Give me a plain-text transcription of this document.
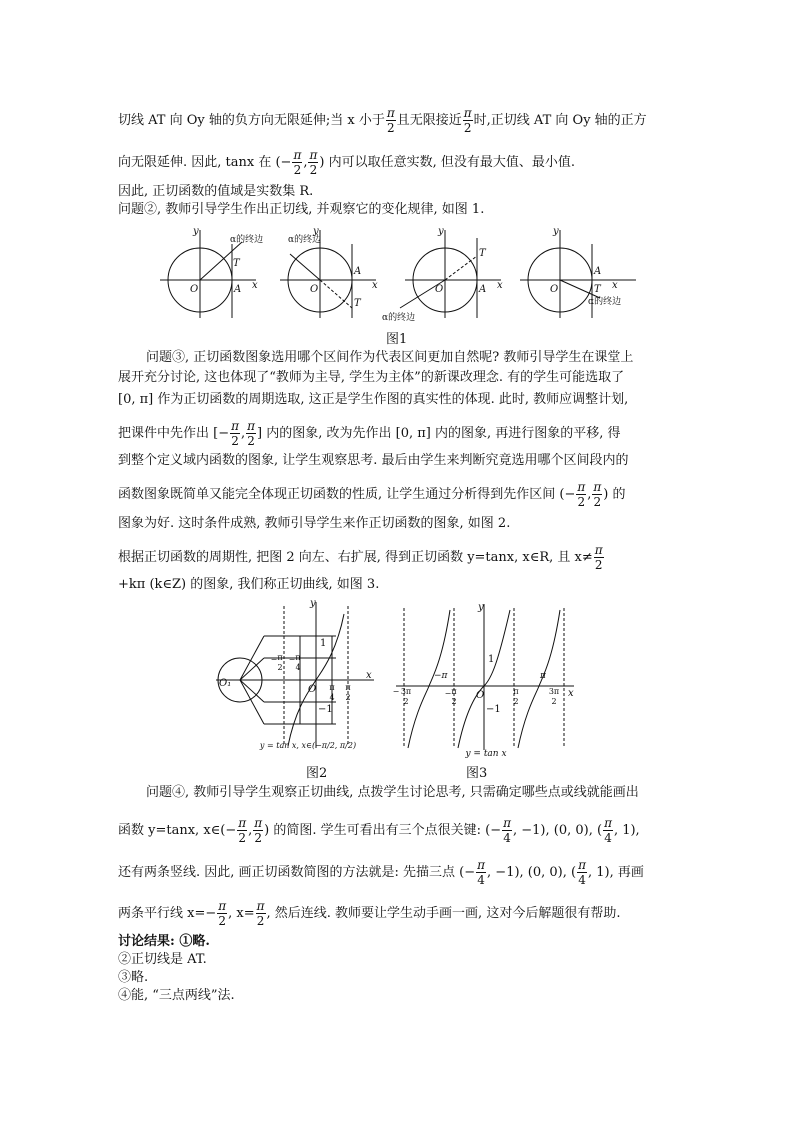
切线 AT 向 Oy 轴的负方向无限延伸;当 x 小于 $\frac{\pi}{2}$ 且无限接近 $\frac{\pi}{2}$ 时,正切线 AT 向 Oy 轴的正方
向无限延伸. 因此, tanx 在 (− $\frac{\pi}{2}$ , $\frac{\pi}{2}$ ) 内可以取任意实数, 但没有最大值、最小值.
因此, 正切函数的值域是实数集 R.
问题②, 教师引导学生作出正切线, 并观察它的变化规律, 如图 1.
y
x
O	A
T
α的终边
y
x
O
A
T
α的终边
y
x
O	A
T
α的终边
y
x
O
A
T
α的终边
图1
问题③, 正切函数图象选用哪个区间作为代表区间更加自然呢? 教师引导学生在课堂上
展开充分讨论, 这也体现了“教师为主导, 学生为主体”的新课改理念. 有的学生可能选取了
[0, π] 作为正切函数的周期选取, 这正是学生作图的真实性的体现. 此时, 教师应调整计划,
把课件中先作出 [− $\frac{\pi}{2}$ , $\frac{\pi}{2}$ ] 内的图象, 改为先作出 [0, π] 内的图象, 再进行图象的平移, 得
到整个定义域内函数的图象, 让学生观察思考. 最后由学生来判断究竟选用哪个区间段内的
函数图象既简单又能完全体现正切函数的性质, 让学生通过分析得到先作区间 (− $\frac{\pi}{2}$ , $\frac{\pi}{2}$ ) 的
图象为好. 这时条件成熟, 教师引导学生来作正切函数的图象, 如图 2.
根据正切函数的周期性, 把图 2 向左、右扩展, 得到正切函数 y=tanx, x∈R, 且 $x\ne \frac{\pi}{2}$
+kπ (k∈Z) 的图象, 我们称正切曲线, 如图 3.
y
x
O₁
O
1
−1
− π
2
− π
4
π
4
π
2
y = tan x, x∈(−π/2, π/2)
图2
y
x
O
1
−1
−π	π
− 3π
2
− π
2
π
2
3π
2
y = tan x
图3
问题④, 教师引导学生观察正切曲线, 点拨学生讨论思考, 只需确定哪些点或线就能画出
函数 y=tanx, x∈(− $\frac{\pi}{2}$ , $\frac{\pi}{2}$ ) 的简图. 学生可看出有三个点很关键: (− $\frac{\pi}{4}$ , −1), (0, 0), ( $\frac{\pi}{4}$ , 1),
还有两条竖线. 因此, 画正切函数简图的方法就是: 先描三点 (− $\frac{\pi}{4}$ , −1), (0, 0), ( $\frac{\pi}{4}$ , 1), 再画
两条平行线 $x=- \frac{\pi}{2}$ , $x= \frac{\pi}{2}$ , 然后连线. 教师要让学生动手画一画, 这对今后解题很有帮助.
讨论结果: ①略.
②正切线是 AT.
③略.
④能, “三点两线”法.
